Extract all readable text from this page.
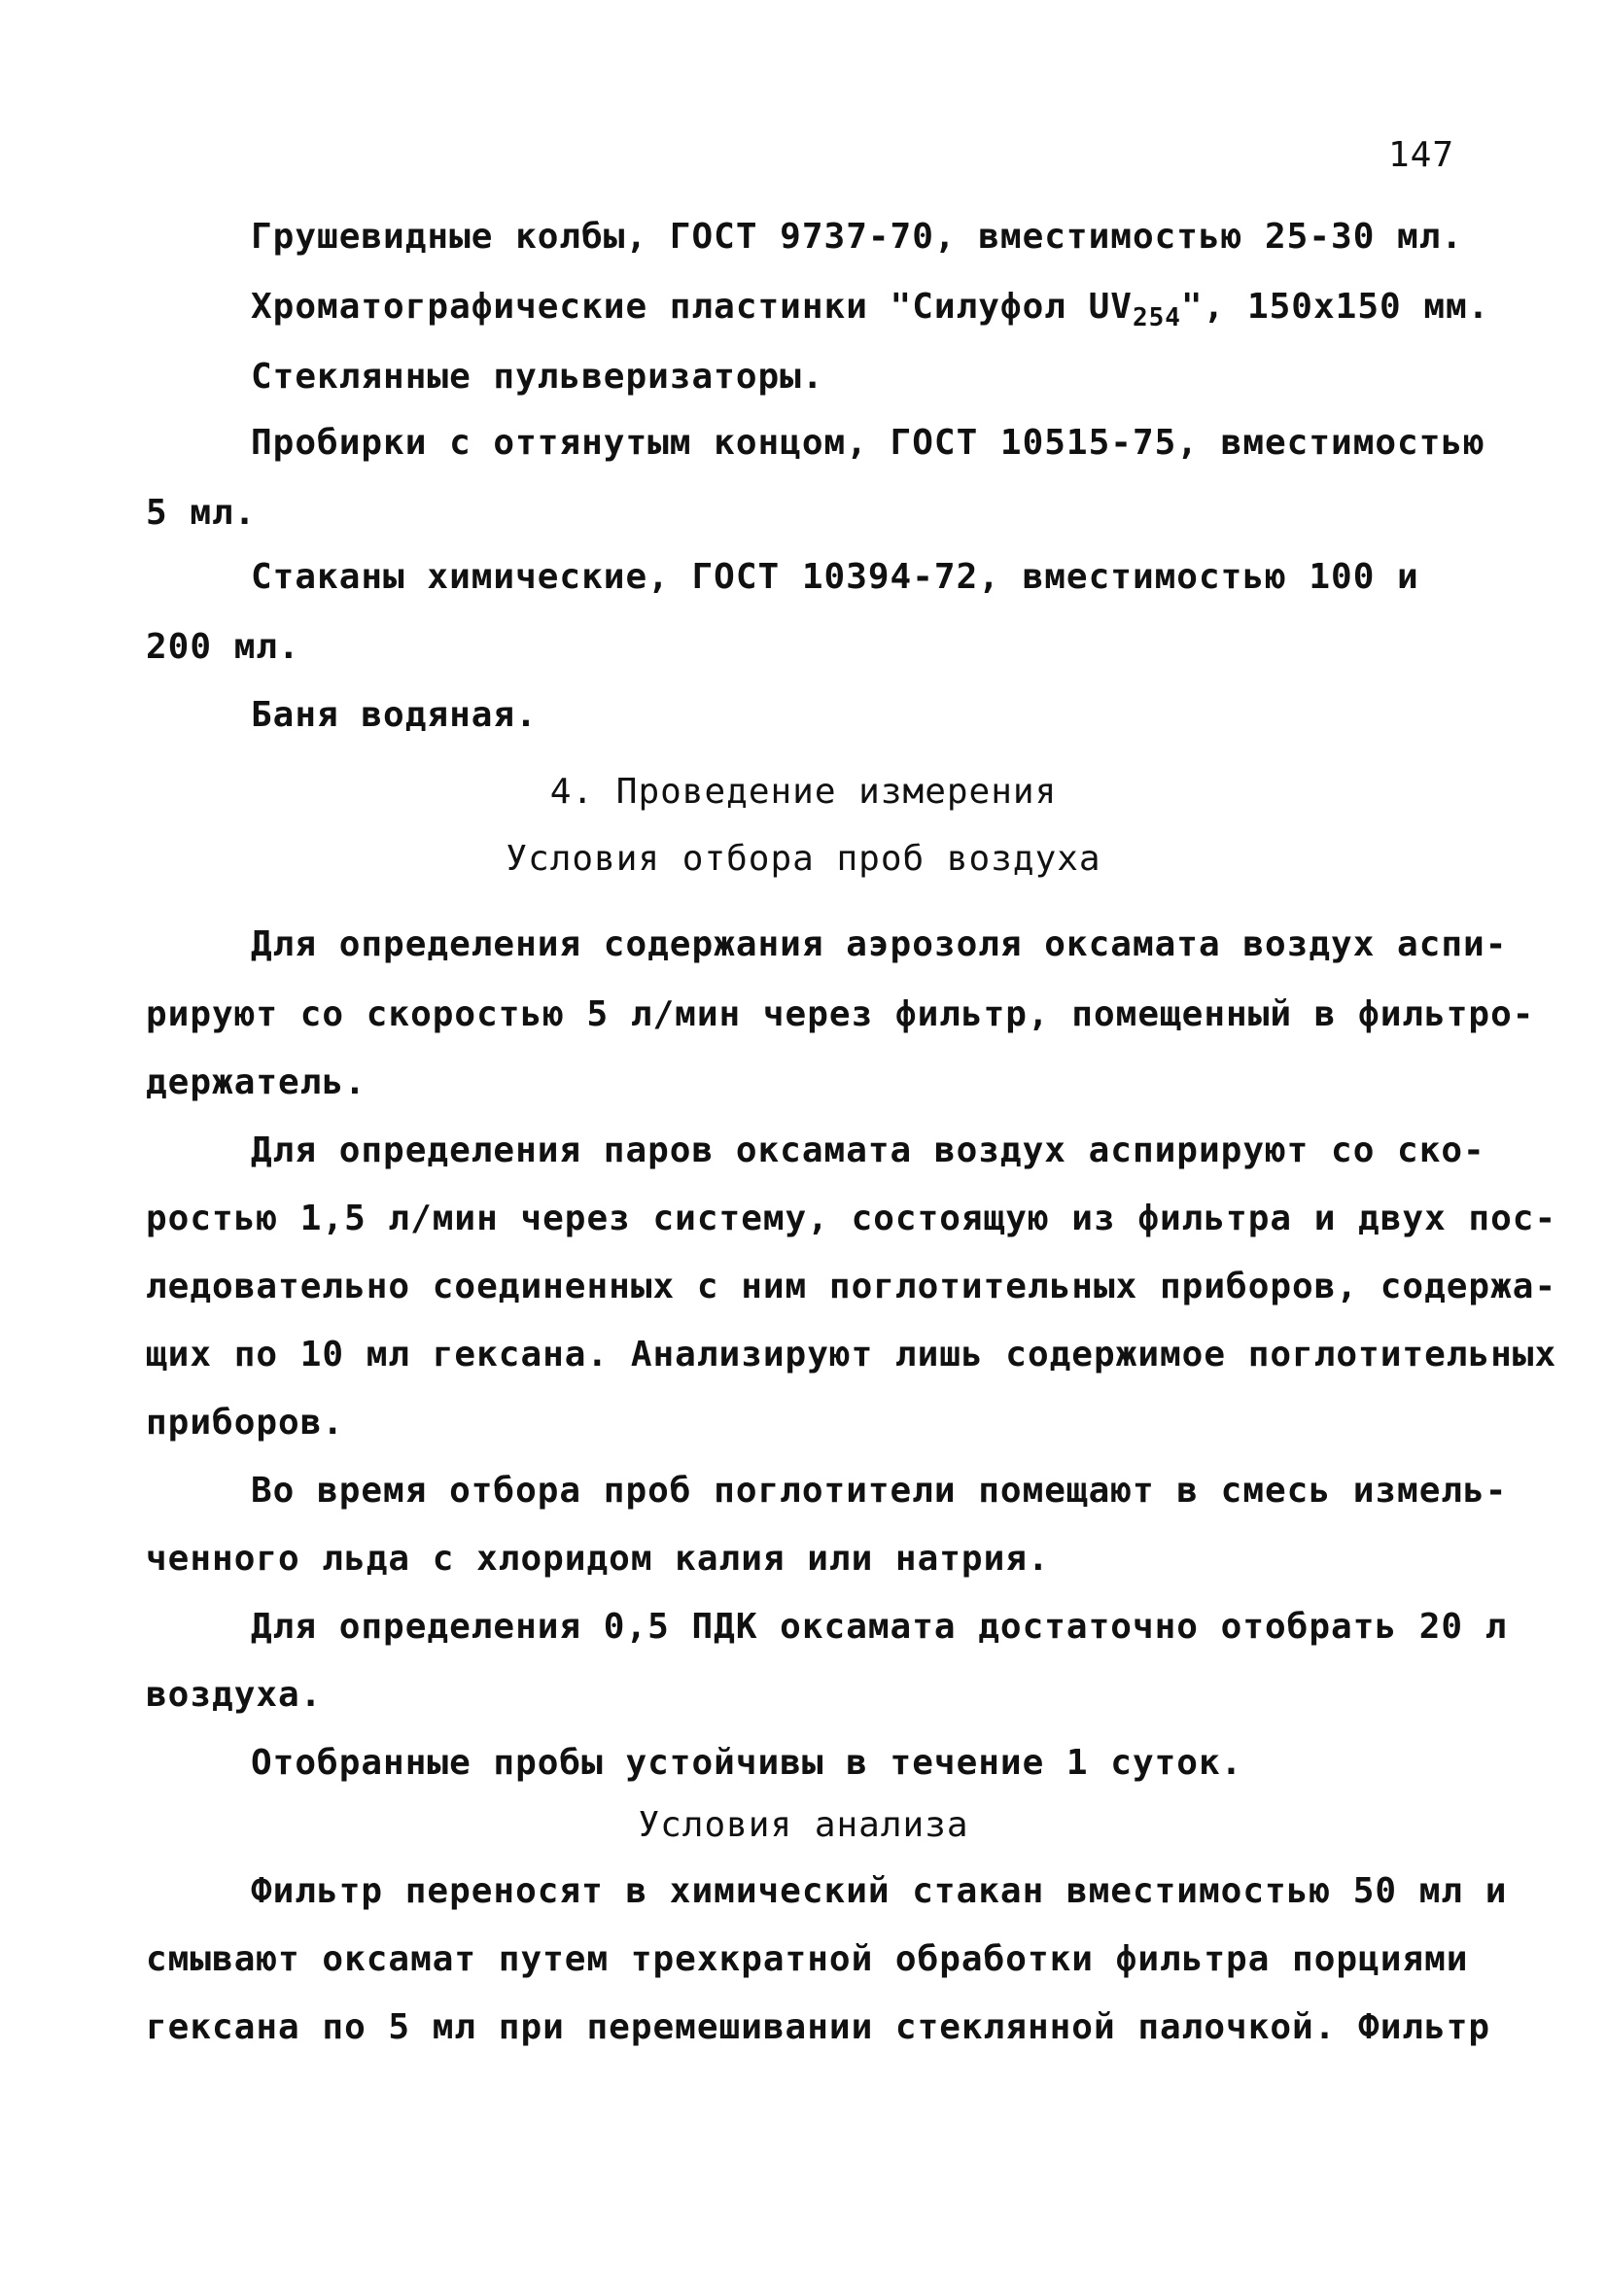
147
Грушевидные колбы, ГОСТ 9737-70, вместимостью 25-30 мл.
Хроматографические пластинки "Силуфол $UV_{254}$", 150x150 мм.
Стеклянные пульверизаторы.
Пробирки с оттянутым концом, ГОСТ 10515-75, вместимостью
5 мл.
Стаканы химические, ГОСТ 10394-72, вместимостью 100 и
200 мл.
Баня водяная.
4. Проведение измерения
Условия отбора проб воздуха
Для определения содержания аэрозоля оксамата воздух аспи-
рируют со скоростью 5 л/мин через фильтр, помещенный в фильтро-
держатель.
Для определения паров оксамата воздух аспирируют со ско-
ростью 1,5 л/мин через систему, состоящую из фильтра и двух пос-
ледовательно соединенных с ним поглотительных приборов, содержа-
щих по 10 мл гексана. Анализируют лишь содержимое поглотительных
приборов.
Во время отбора проб поглотители помещают в смесь измель-
ченного льда с хлоридом калия или натрия.
Для определения 0,5 ПДК оксамата достаточно отобрать 20 л
воздуха.
Отобранные пробы устойчивы в течение 1 суток.
Условия анализа
Фильтр переносят в химический стакан вместимостью 50 мл и
смывают оксамат путем трехкратной обработки фильтра порциями
гексана по 5 мл при перемешивании стеклянной палочкой. Фильтр
